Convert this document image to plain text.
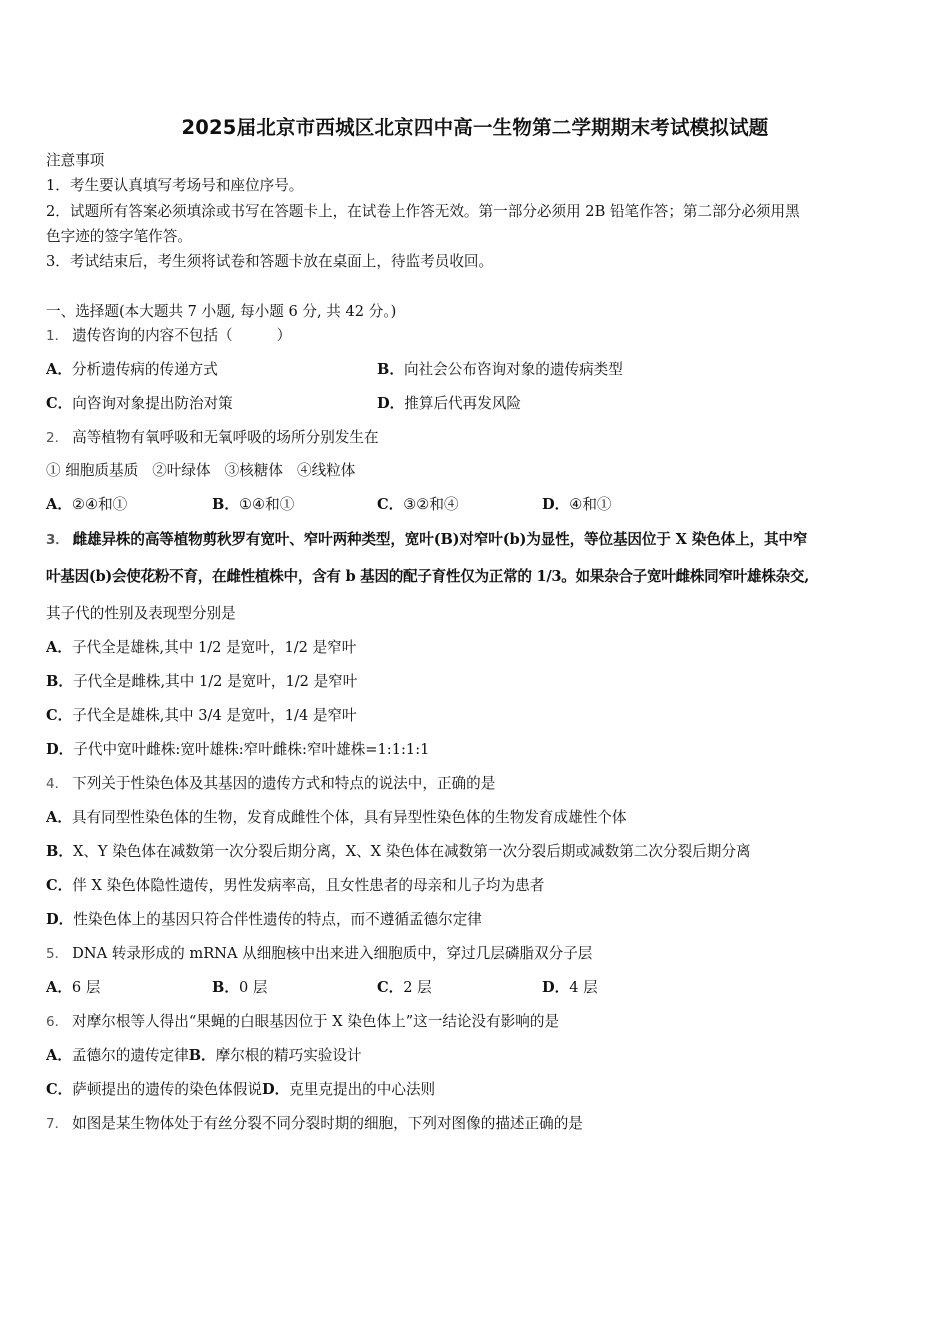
2025届北京市西城区北京四中高一生物第二学期期末考试模拟试题
注意事项
1．考生要认真填写考场号和座位序号。
2．试题所有答案必须填涂或书写在答题卡上，在试卷上作答无效。第一部分必须用 2B 铅笔作答；第二部分必须用黑
色字迹的签字笔作答。
3．考试结束后，考生须将试卷和答题卡放在桌面上，待监考员收回。
一、选择题(本大题共 7 小题, 每小题 6 分, 共 42 分。)
1． 遗传咨询的内容不包括（	）
A．分析遗传病的传递方式	B．向社会公布咨询对象的遗传病类型
C．向咨询对象提出防治对策	D．推算后代再发风险
2． 高等植物有氧呼吸和无氧呼吸的场所分别发生在
① 细胞质基质 ②叶绿体 ③核糖体 ④线粒体
A．②④和①	B．①④和①	C．③②和④	D．④和①
3． 雌雄异株的高等植物剪秋罗有宽叶、窄叶两种类型，宽叶(B)对窄叶(b)为显性，等位基因位于 X 染色体上，其中窄
叶基因(b)会使花粉不育，在雌性植株中，含有 b 基因的配子育性仅为正常的 1/3。如果杂合子宽叶雌株同窄叶雄株杂交,
其子代的性别及表现型分别是
A．子代全是雄株,其中 1/2 是宽叶，1/2 是窄叶
B．子代全是雌株,其中 1/2 是宽叶，1/2 是窄叶
C．子代全是雄株,其中 3/4 是宽叶，1/4 是窄叶
D．子代中宽叶雌株:宽叶雄株:窄叶雌株:窄叶雄株=1:1:1:1
4． 下列关于性染色体及其基因的遗传方式和特点的说法中，正确的是
A．具有同型性染色体的生物，发育成雌性个体，具有异型性染色体的生物发育成雄性个体
B．X、Y 染色体在减数第一次分裂后期分离，X、X 染色体在减数第一次分裂后期或减数第二次分裂后期分离
C．伴 X 染色体隐性遗传，男性发病率高，且女性患者的母亲和儿子均为患者
D．性染色体上的基因只符合伴性遗传的特点，而不遵循孟德尔定律
5． DNA 转录形成的 mRNA 从细胞核中出来进入细胞质中，穿过几层磷脂双分子层
A．6 层	B．0 层	C．2 层	D．4 层
6． 对摩尔根等人得出“果蝇的白眼基因位于 X 染色体上”这一结论没有影响的是
A．孟德尔的遗传定律B．摩尔根的精巧实验设计
C．萨顿提出的遗传的染色体假说D．克里克提出的中心法则
7． 如图是某生物体处于有丝分裂不同分裂时期的细胞，下列对图像的描述正确的是
